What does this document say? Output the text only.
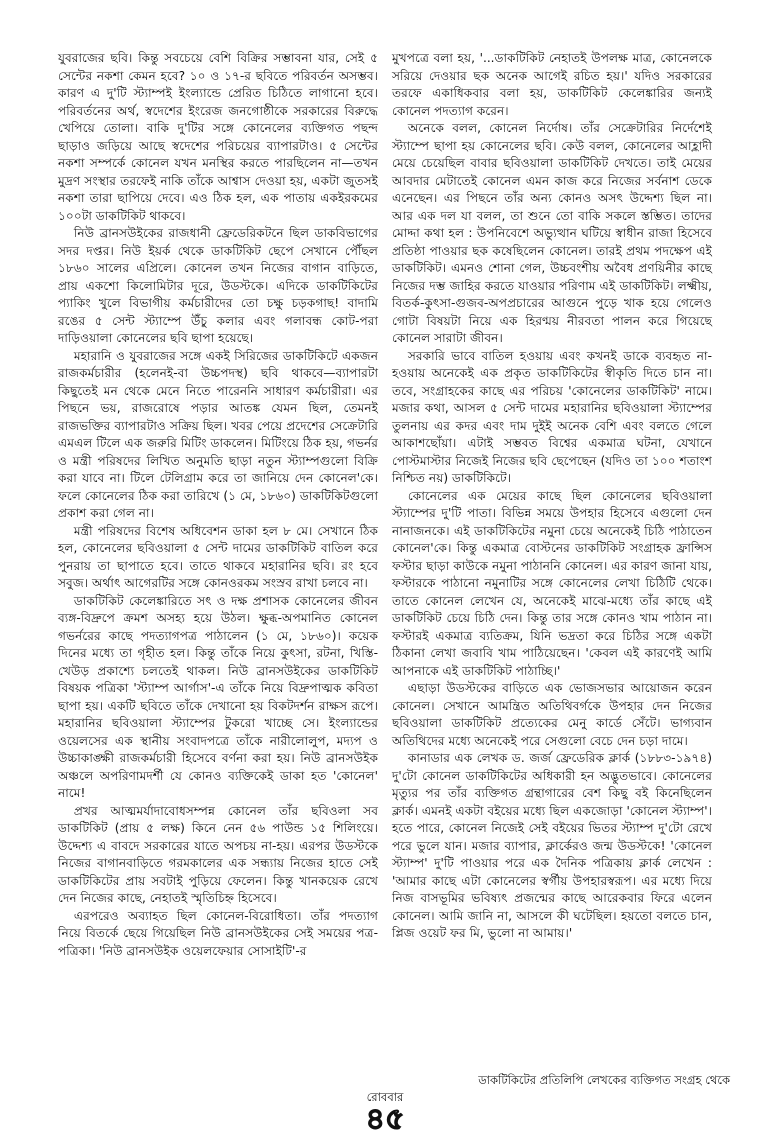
যুবরাজের ছবি। কিন্তু সবচেয়ে বেশি বিক্রির সম্ভাবনা যার, সেই ৫ সেন্টের নকশা কেমন হবে? ১০ ও ১৭-র ছবিতে পরিবর্তন অসম্ভব। কারণ এ দু'টি স্ট্যাম্পই ইংল্যান্ডে প্রেরিত চিঠিতে লাগানো হবে। পরিবর্তনের অর্থ, স্বদেশের ইংরেজ জনগোষ্ঠীকে সরকারের বিরুদ্ধে খেপিয়ে তোলা। বাকি দু'টির সঙ্গে কোনেলের ব্যক্তিগত পছন্দ ছাড়াও জড়িয়ে আছে স্বদেশের পরিচয়ের ব্যাপারটাও। ৫ সেন্টের নকশা সম্পর্কে কোনেল যখন মনস্থির করতে পারছিলেন না—তখন মুদ্রণ সংস্থার তরফেই নাকি তাঁকে আশ্বাস দেওয়া হয়, একটা জুতসই নকশা তারা ছাপিয়ে দেবে। এও ঠিক হল, এক পাতায় একইরকমের ১০০টা ডাকটিকিট থাকবে।

নিউ ব্রানসউইকের রাজধানী ফ্রেডেরিকটনে ছিল ডাকবিভাগের সদর দপ্তর। নিউ ইয়র্ক থেকে ডাকটিকিট ছেপে সেখানে পৌঁছল ১৮৬০ সালের এপ্রিলে। কোনেল তখন নিজের বাগান বাড়িতে, প্রায় একশো কিলোমিটার দূরে, উডস্টকে। এদিকে ডাকটিকিটের প্যাকিং খুলে বিভাগীয় কর্মচারীদের তো চক্ষু চড়কগাছ! বাদামি রঙের ৫ সেন্ট স্ট্যাম্পে উঁচু কলার এবং গলাবন্ধ কোট-পরা দাড়িওয়ালা কোনেলের ছবি ছাপা হয়েছে।

মহারানি ও যুবরাজের সঙ্গে একই সিরিজের ডাকটিকিটে একজন রাজকর্মচারীর (হলেনই-বা উচ্চপদস্থ) ছবি থাকবে—ব্যাপারটা কিছুতেই মন থেকে মেনে নিতে পারেননি সাধারণ কর্মচারীরা। এর পিছনে ভয়, রাজরোষে পড়ার আতঙ্ক যেমন ছিল, তেমনই রাজভক্তির ব্যাপারটাও সক্রিয় ছিল। খবর পেয়ে প্রদেশের সেক্রেটারি এমএল টিলে এক জরুরি মিটিং ডাকলেন। মিটিংয়ে ঠিক হয়, গভর্নর ও মন্ত্রী পরিষদের লিখিত অনুমতি ছাড়া নতুন স্ট্যাম্পগুলো বিক্রি করা যাবে না। টিলে টেলিগ্রাম করে তা জানিয়ে দেন কোনেল'কে। ফলে কোনেলের ঠিক করা তারিখে (১ মে, ১৮৬০) ডাকটিকিটগুলো প্রকাশ করা গেল না।

মন্ত্রী পরিষদের বিশেষ অধিবেশন ডাকা হল ৮ মে। সেখানে ঠিক হল, কোনেলের ছবিওয়ালা ৫ সেন্ট দামের ডাকটিকিট বাতিল করে পুনরায় তা ছাপাতে হবে। তাতে থাকবে মহারানির ছবি। রং হবে সবুজ। অর্থাৎ আগেরটির সঙ্গে কোনওরকম সংস্রব রাখা চলবে না।

ডাকটিকিট কেলেঙ্কারিতে সৎ ও দক্ষ প্রশাসক কোনেলের জীবন ব্যঙ্গ-বিদ্রুপে ক্রমশ অসহ্য হয়ে উঠল। ক্ষুব্ধ-অপমানিত কোনেল গভর্নরের কাছে পদত্যাগপত্র পাঠালেন (১ মে, ১৮৬০)। কয়েক দিনের মধ্যে তা গৃহীত হল। কিন্তু তাঁকে নিয়ে কুৎসা, রটনা, খিস্তি-খেউড় প্রকাশ্যে চলতেই থাকল। নিউ ব্রানসউইকের ডাকটিকিট বিষয়ক পত্রিকা 'স্ট্যাম্প আর্গাস'-এ তাঁকে নিয়ে বিদ্রুপাত্মক কবিতা ছাপা হয়। একটি ছবিতে তাঁকে দেখানো হয় বিকটদর্শন রাক্ষস রূপে। মহারানির ছবিওয়ালা স্ট্যাম্পের টুকরো খাচ্ছে সে। ইংল্যান্ডের ওয়েলসের এক স্থানীয় সংবাদপত্রে তাঁকে নারীলোলুপ, মদ্যপ ও উচ্চাকাঙ্ক্ষী রাজকর্মচারী হিসেবে বর্ণনা করা হয়। নিউ ব্রানসউইক অঞ্চলে অপরিণামদর্শী যে কোনও ব্যক্তিকেই ডাকা হত 'কোনেল' নামে!

প্রখর আত্মমর্যাদাবোধসম্পন্ন কোনেল তাঁর ছবিওলা সব ডাকটিকিট (প্রায় ৫ লক্ষ) কিনে নেন ৫৬ পাউন্ড ১৫ শিলিংয়ে। উদ্দেশ্য এ বাবদে সরকারের যাতে অপচয় না-হয়। এরপর উডস্টকে নিজের বাগানবাড়িতে গরমকালের এক সন্ধ্যায় নিজের হাতে সেই ডাকটিকিটের প্রায় সবটাই পুড়িয়ে ফেলেন। কিন্তু খানকয়েক রেখে দেন নিজের কাছে, নেহাতই স্মৃতিচিহ্ন হিসেবে।

এরপরেও অব্যাহত ছিল কোনেল-বিরোধিতা। তাঁর পদত্যাগ নিয়ে বিতর্কে ছেয়ে গিয়েছিল নিউ ব্রানসউইকের সেই সময়ের পত্র-পত্রিকা। 'নিউ ব্রানসউইক ওয়েলফেয়ার সোসাইটি'-র

মুখপত্রে বলা হয়, '...ডাকটিকিট নেহাতই উপলক্ষ মাত্র, কোনেলকে সরিয়ে দেওয়ার ছক অনেক আগেই রচিত হয়।' যদিও সরকারের তরফে একাধিকবার বলা হয়, ডাকটিকিট কেলেঙ্কারির জন্যই কোনেল পদত্যাগ করেন।

অনেকে বলল, কোনেল নির্দোষ। তাঁর সেক্রেটারির নির্দেশেই স্ট্যাম্পে ছাপা হয় কোনেলের ছবি। কেউ বলল, কোনেলের আহ্লাদী মেয়ে চেয়েছিল বাবার ছবিওয়ালা ডাকটিকিট দেখতে। তাই মেয়ের আবদার মেটাতেই কোনেল এমন কাজ করে নিজের সর্বনাশ ডেকে এনেছেন। এর পিছনে তাঁর অন্য কোনও অসৎ উদ্দেশ্য ছিল না। আর এক দল যা বলল, তা শুনে তো বাকি সকলে স্তম্ভিত। তাদের মোদ্দা কথা হল : উপনিবেশে অভ্যুত্থান ঘটিয়ে স্বাধীন রাজা হিসেবে প্রতিষ্ঠা পাওয়ার ছক কষেছিলেন কোনেল। তারই প্রথম পদক্ষেপ এই ডাকটিকিট। এমনও শোনা গেল, উচ্চবংশীয় অবৈধ প্রণয়িনীর কাছে নিজের দম্ভ জাহির করতে যাওয়ার পরিণাম এই ডাকটিকিট। লক্ষ্মীয়, বিতর্ক-কুৎসা-গুজব-অপপ্রচারের আগুনে পুড়ে খাক হয়ে গেলেও গোটা বিষয়টা নিয়ে এক হিরণ্ময় নীরবতা পালন করে গিয়েছে কোনেল সারাটা জীবন।

সরকারি ভাবে বাতিল হওয়ায় এবং কখনই ডাকে ব্যবহৃত না-হওয়ায় অনেকেই এক প্রকৃত ডাকটিকিটের স্বীকৃতি দিতে চান না। তবে, সংগ্রাহকের কাছে এর পরিচয় 'কোনেলের ডাকটিকিট' নামে। মজার কথা, আসল ৫ সেন্ট দামের মহারানির ছবিওয়ালা স্ট্যাম্পের তুলনায় এর কদর এবং দাম দুইই অনেক বেশি এবং বলতে গেলে আকাশছোঁয়া। এটাই সম্ভবত বিশ্বের একমাত্র ঘটনা, যেখানে পোস্টমাস্টার নিজেই নিজের ছবি ছেপেছেন (যদিও তা ১০০ শতাংশ নিশ্চিত নয়) ডাকটিকিটে।

কোনেলের এক মেয়ের কাছে ছিল কোনেলের ছবিওয়ালা স্ট্যাম্পের দু'টি পাতা। বিভিন্ন সময়ে উপহার হিসেবে এগুলো দেন নানাজনকে। এই ডাকটিকিটের নমুনা চেয়ে অনেকেই চিঠি পাঠাতেন কোনেল'কে। কিন্তু একমাত্র বোস্টনের ডাকটিকিট সংগ্রাহক ফ্রান্সিস ফস্টার ছাড়া কাউকে নমুনা পাঠাননি কোনেল। এর কারণ জানা যায়, ফস্টারকে পাঠানো নমুনাটির সঙ্গে কোনেলের লেখা চিঠিটি থেকে। তাতে কোনেল লেখেন যে, অনেকেই মাঝে-মধ্যে তাঁর কাছে এই ডাকটিকিট চেয়ে চিঠি দেন। কিন্তু তার সঙ্গে কোনও খাম পাঠান না। ফস্টারই একমাত্র ব্যতিক্রম, যিনি ভদ্রতা করে চিঠির সঙ্গে একটা ঠিকানা লেখা জবাবি খাম পাঠিয়েছেন। 'কেবল এই কারণেই আমি আপনাকে এই ডাকটিকিট পাঠাচ্ছি।'

এছাড়া উডস্টকের বাড়িতে এক ভোজসভার আয়োজন করেন কোনেল। সেখানে আমন্ত্রিত অতিথিবর্গকে উপহার দেন নিজের ছবিওয়ালা ডাকটিকিট প্রত্যেকের মেনু কার্ডে সেঁটে। ভাগ্যবান অতিথিদের মধ্যে অনেকেই পরে সেগুলো বেচে দেন চড়া দামে।

কানাডার এক লেখক ড. জর্জ ফ্রেডেরিক ক্লার্ক (১৮৮৩-১৯৭৪) দু'টো কোনেল ডাকটিকিটের অধিকারী হন অদ্ভুতভাবে। কোনেলের মৃত্যুর পর তাঁর ব্যক্তিগত গ্রন্থাগারের বেশ কিছু বই কিনেছিলেন ক্লার্ক। এমনই একটা বইয়ের মধ্যে ছিল একজোড়া 'কোনেল স্ট্যাম্প'। হতে পারে, কোনেল নিজেই সেই বইয়ের ভিতর স্ট্যাম্প দু'টো রেখে পরে ভুলে যান। মজার ব্যাপার, ক্লার্কেরও জন্ম উডস্টকে! 'কোনেল স্ট্যাম্প' দু'টি পাওয়ার পরে এক দৈনিক পত্রিকায় ক্লার্ক লেখেন : 'আমার কাছে এটা কোনেলের স্বর্গীয় উপহারস্বরূপ। এর মধ্যে দিয়ে নিজ বাসভূমির ভবিষ্যৎ প্রজন্মের কাছে আরেকবার ফিরে এলেন কোনেল। আমি জানি না, আসলে কী ঘটেছিল। হয়তো বলতে চান, প্লিজ ওয়েট ফর মি, ভুলো না আমায়।'

ডাকটিকিটের প্রতিলিপি লেখকের ব্যক্তিগত সংগ্রহ থেকে
রোববার
৪৫
